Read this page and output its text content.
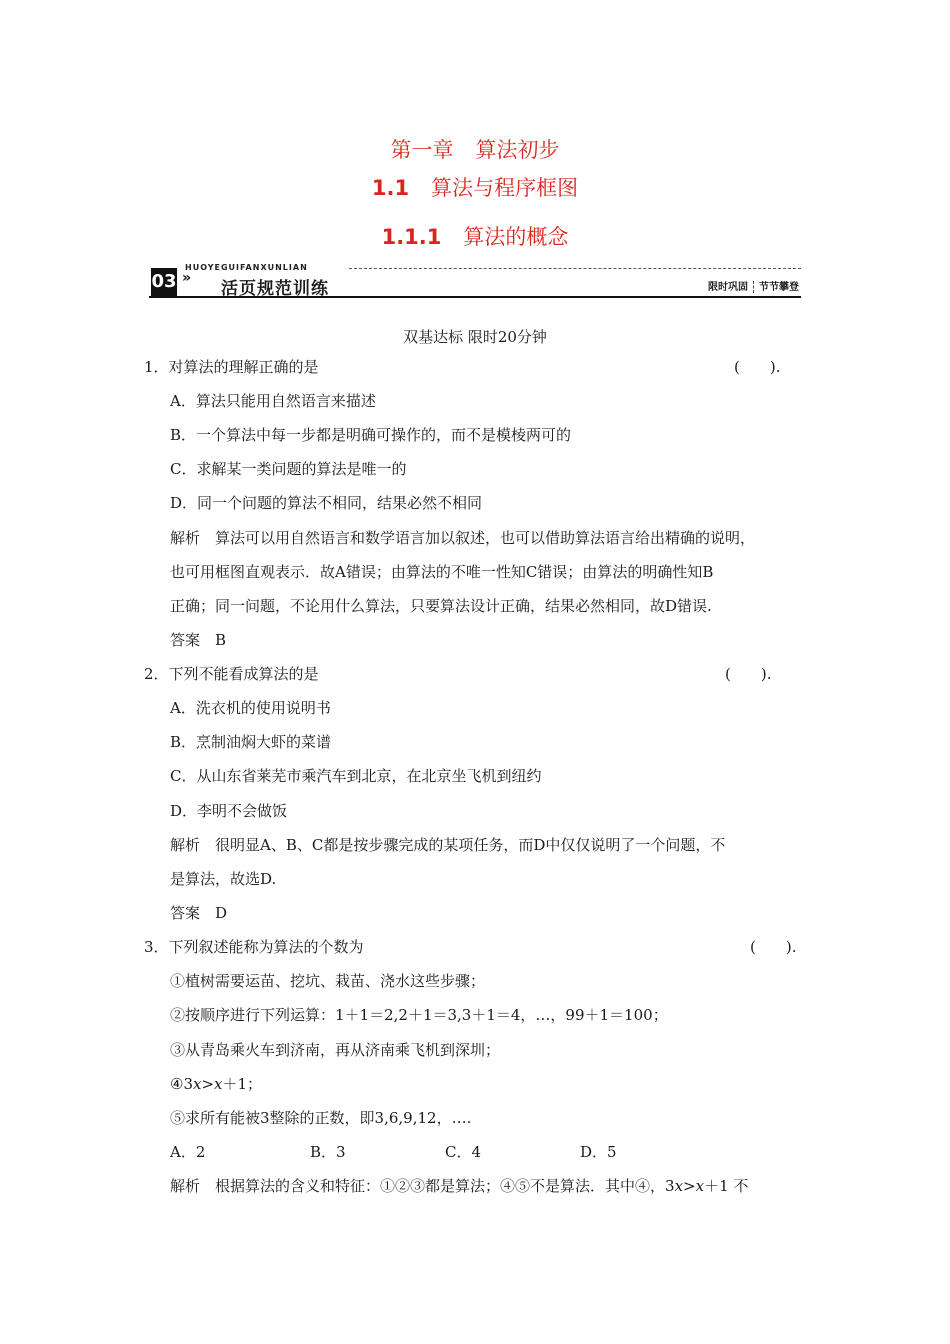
第一章 算法初步
1.1 算法与程序框图
1.1.1 算法的概念
HUOYEGUIFANXUNLIAN
03 »
活页规范训练	限时巩固 节节攀登
双基达标 限时20分钟
1．对算法的理解正确的是	(　　).
A．算法只能用自然语言来描述
B．一个算法中每一步都是明确可操作的，而不是模棱两可的
C．求解某一类问题的算法是唯一的
D．同一个问题的算法不相同，结果必然不相同
解析　算法可以用自然语言和数学语言加以叙述，也可以借助算法语言给出精确的说明，
也可用框图直观表示．故A错误；由算法的不唯一性知C错误；由算法的明确性知B
正确；同一问题，不论用什么算法，只要算法设计正确，结果必然相同，故D错误.
答案　B
2．下列不能看成算法的是	(　　).
A．洗衣机的使用说明书
B．烹制油焖大虾的菜谱
C．从山东省莱芜市乘汽车到北京，在北京坐飞机到纽约
D．李明不会做饭
解析　很明显A、B、C都是按步骤完成的某项任务，而D中仅仅说明了一个问题，不
是算法，故选D.
答案　D
3．下列叙述能称为算法的个数为	(　　).
①植树需要运苗、挖坑、栽苗、浇水这些步骤；
②按顺序进行下列运算：1＋1＝2,2＋1＝3,3＋1＝4，…，99＋1＝100；
③从青岛乘火车到济南，再从济南乘飞机到深圳；
④3x>x＋1；
⑤求所有能被3整除的正数，即3,6,9,12，….
A．2	B．3	C．4	D．5
解析　根据算法的含义和特征：①②③都是算法；④⑤不是算法．其中④，3x>x＋1 不
